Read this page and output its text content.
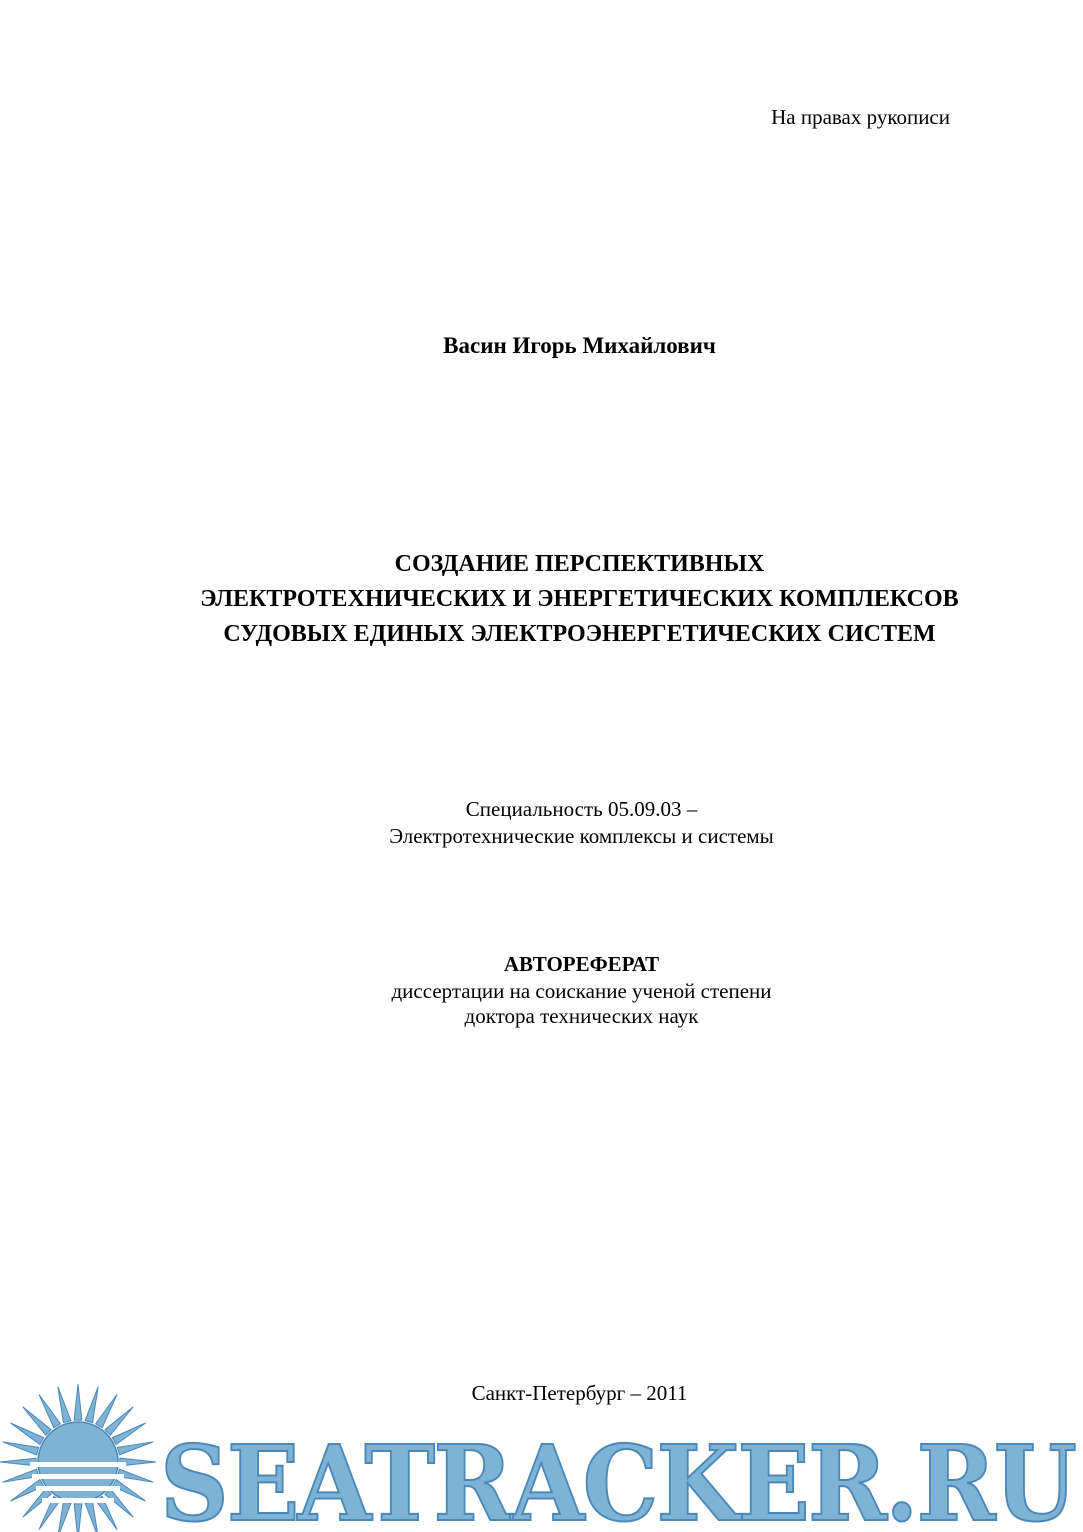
На правах рукописи
Васин Игорь Михайлович
СОЗДАНИЕ ПЕРСПЕКТИВНЫХ
ЭЛЕКТРОТЕХНИЧЕСКИХ И ЭНЕРГЕТИЧЕСКИХ КОМПЛЕКСОВ
СУДОВЫХ ЕДИНЫХ ЭЛЕКТРОЭНЕРГЕТИЧЕСКИХ СИСТЕМ
Специальность 05.09.03 –
Электротехнические комплексы и системы
АВТОРЕФЕРАТ
диссертации на соискание ученой степени
доктора технических наук
Санкт-Петербург – 2011
SEATRACKER.RU
